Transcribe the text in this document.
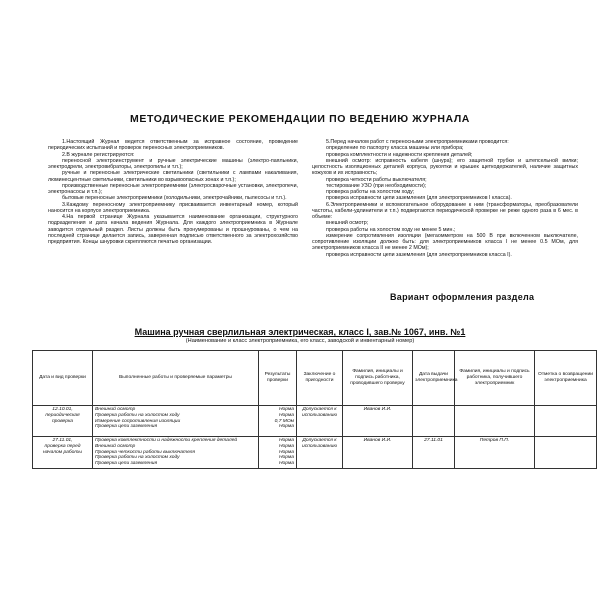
МЕТОДИЧЕСКИЕ РЕКОМЕНДАЦИИ ПО ВЕДЕНИЮ ЖУРНАЛА

1.Настоящий Журнал ведется ответственным за исправное состояние, проведение периодических испытаний и проверок переносных электроприемников.

2.В журнале регистрируются:

переносной электроинструмент и ручные электрические машины (электро-паяльники, электродрели, электровибраторы, электропилы и т.п.);

ручные и переносные электрические светильники (светильники с лампами накаливания, люминесцентные светильники, светильники во взрывоопасных зонах и т.п.);

производственные переносные электроприемники (электросварочные установки, электропечи, электронасосы и т.п.);

бытовые переносные электроприемники (холодильники, электрочайники, пылесосы и т.п.).

3.Каждому переносному электроприемнику присваивается инвентарный номер, который наносится на корпусе электроприемника.

4.На первой странице Журнала указывается наименование организации, структурного подразделения и дата начала ведения Журнала. Для каждого электроприемника в Журнале заводится отдельный раздел. Листы должны быть пронумерованы и прошнурованы, о чем на последней странице делается запись, заверенная подписью ответственного за электрохозяйство предприятия. Концы шнуровки скрепляются печатью организации.

5.Перед началом работ с переносными электроприемниками проводится:

определение по паспорту класса машины или прибора;

проверка комплектности и надежности крепления деталей;

внешний осмотр: исправность кабеля (шнура); его защитной трубки и штепсельной вилки; целостность изоляционных деталей корпуса, рукоятки и крышек щеткодержателей, наличие защитных кожухов и их исправность;

проверка четкости работы выключателя;

тестирование УЗО (при необходимости);

проверка работы на холостом ходу;

проверка исправности цепи заземления (для электроприемников I класса).

6.Электроприемники и вспомогательное оборудование к ним (трансформаторы, преобразователи частоты, кабели-удлинители и т.п.) подвергаются периодической проверке не реже одного раза в 6 мес. в объеме:

внешний осмотр;

проверка работы на холостом ходу не менее 5 мин.;

измерение сопротивления изоляции (мегаомметром на 500 В при включенном выключателе, сопротивление изоляции должно быть: для электроприемников класса I не менее 0.5 МОм, для электроприемников класса II не менее 2 МОм);

проверка исправности цепи заземления (для электроприемников класса I).

Вариант оформления раздела
Машина ручная сверлильная электрическая, класс I, зав.№ 1067, инв. №1
(Наименование и класс электроприемника, его класс, заводской и инвентарный номер)
Дата и вид проверки	Выполненные работы и проверяемые параметры	Результаты проверки	Заключение о пригодности	Фамилия, инициалы и подпись работника, проводившего проверку	Дата выдачи электроприемника	Фамилия, инициалы и подпись работника, получившего электроприемник	Отметка о возвращении электроприемника

12.10.01,
периодическая проверка	Внешний осмотр
Проверка работы на холостом ходу
Измерение сопротивления изоляции
Проверка цепи заземления	Норма
Норма
0,7 МОм
Норма	Допускается к использованию	Иванов И.И.			

27.11.01,
проверка перед началом работы	Проверка комплектности и надежности крепления деталей
Внешний осмотр
Проверка четкости работы выключателя
Проверка работы на холостом ходу
Проверка цепи заземления	Норма
Норма
Норма
Норма
Норма	Допускается к использованию	Иванов И.И.	27.11.01	Петров П.П.	
